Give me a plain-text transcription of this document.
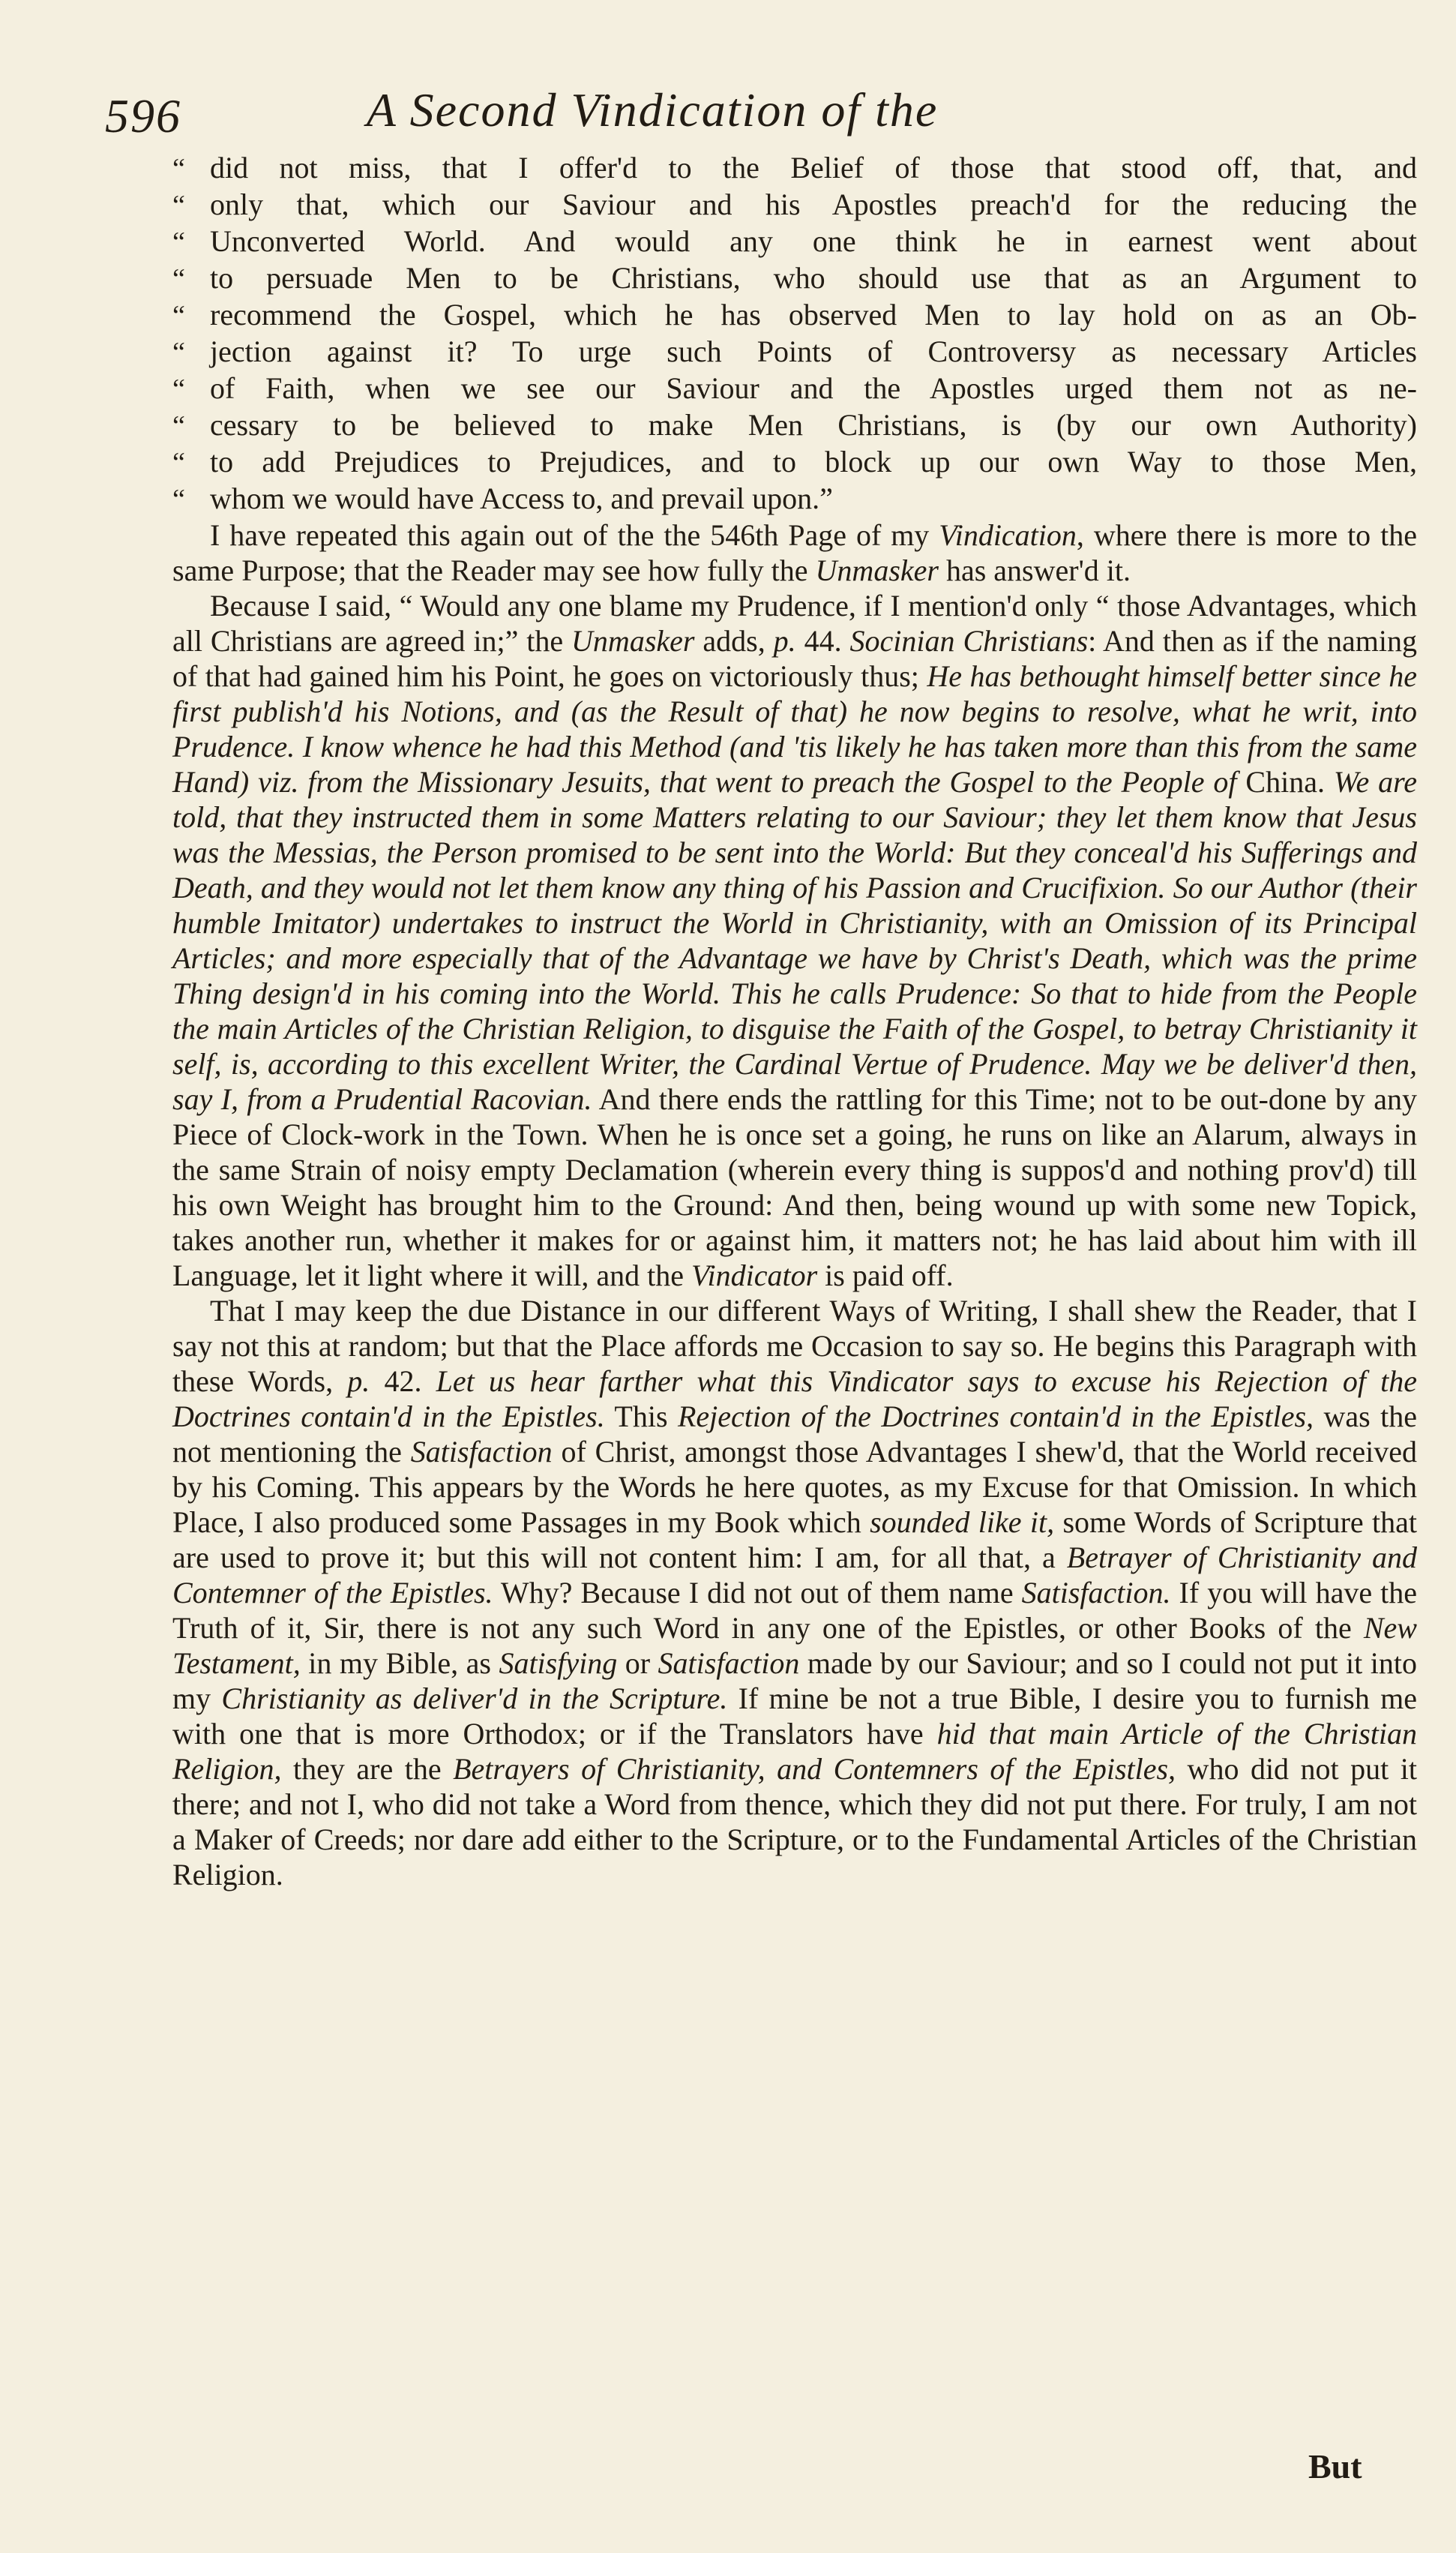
596	A Second Vindication of the
“ did not miss, that I offer'd to the Belief of those that stood off, that, and
“ only that, which our Saviour and his Apostles preach'd for the reducing the
“ Unconverted World. And would any one think he in earnest went about
“ to persuade Men to be Christians, who should use that as an Argument to
“ recommend the Gospel, which he has observed Men to lay hold on as an Ob-
“ jection against it? To urge such Points of Controversy as necessary Articles
“ of Faith, when we see our Saviour and the Apostles urged them not as ne-
“ cessary to be believed to make Men Christians, is (by our own Authority)
“ to add Prejudices to Prejudices, and to block up our own Way to those Men,
“ whom we would have Access to, and prevail upon.”

I have repeated this again out of the the 546th Page of my Vindication, where there is more to the same Purpose; that the Reader may see how fully the Unmasker has answer'd it.

Because I said, “ Would any one blame my Prudence, if I mention'd only “ those Advantages, which all Christians are agreed in;” the Unmasker adds, p. 44. Socinian Christians: And then as if the naming of that had gained him his Point, he goes on victoriously thus; He has bethought himself better since he first publish'd his Notions, and (as the Result of that) he now begins to resolve, what he writ, into Prudence. I know whence he had this Method (and 'tis likely he has taken more than this from the same Hand) viz. from the Missionary Jesuits, that went to preach the Gospel to the People of China. We are told, that they instructed them in some Matters relating to our Saviour; they let them know that Jesus was the Messias, the Person promised to be sent into the World: But they conceal'd his Sufferings and Death, and they would not let them know any thing of his Passion and Crucifixion. So our Author (their humble Imitator) undertakes to instruct the World in Christianity, with an Omission of its Principal Articles; and more especially that of the Advantage we have by Christ's Death, which was the prime Thing design'd in his coming into the World. This he calls Prudence: So that to hide from the People the main Articles of the Christian Religion, to disguise the Faith of the Gospel, to betray Christianity it self, is, according to this excellent Writer, the Cardinal Vertue of Prudence. May we be deliver'd then, say I, from a Prudential Racovian. And there ends the rattling for this Time; not to be out-done by any Piece of Clock-work in the Town. When he is once set a going, he runs on like an Alarum, always in the same Strain of noisy empty Declamation (wherein every thing is suppos'd and nothing prov'd) till his own Weight has brought him to the Ground: And then, being wound up with some new Topick, takes another run, whether it makes for or against him, it matters not; he has laid about him with ill Language, let it light where it will, and the Vindicator is paid off.

That I may keep the due Distance in our different Ways of Writing, I shall shew the Reader, that I say not this at random; but that the Place affords me Occasion to say so. He begins this Paragraph with these Words, p. 42. Let us hear farther what this Vindicator says to excuse his Rejection of the Doctrines contain'd in the Epistles. This Rejection of the Doctrines contain'd in the Epistles, was the not mentioning the Satisfaction of Christ, amongst those Advantages I shew'd, that the World received by his Coming. This appears by the Words he here quotes, as my Excuse for that Omission. In which Place, I also produced some Passages in my Book which sounded like it, some Words of Scripture that are used to prove it; but this will not content him: I am, for all that, a Betrayer of Christianity and Contemner of the Epistles. Why? Because I did not out of them name Satisfaction. If you will have the Truth of it, Sir, there is not any such Word in any one of the Epistles, or other Books of the New Testament, in my Bible, as Satisfying or Satisfaction made by our Saviour; and so I could not put it into my Christianity as deliver'd in the Scripture. If mine be not a true Bible, I desire you to furnish me with one that is more Orthodox; or if the Translators have hid that main Article of the Christian Religion, they are the Betrayers of Christianity, and Contemners of the Epistles, who did not put it there; and not I, who did not take a Word from thence, which they did not put there. For truly, I am not a Maker of Creeds; nor dare add either to the Scripture, or to the Fundamental Articles of the Christian Religion.

But
